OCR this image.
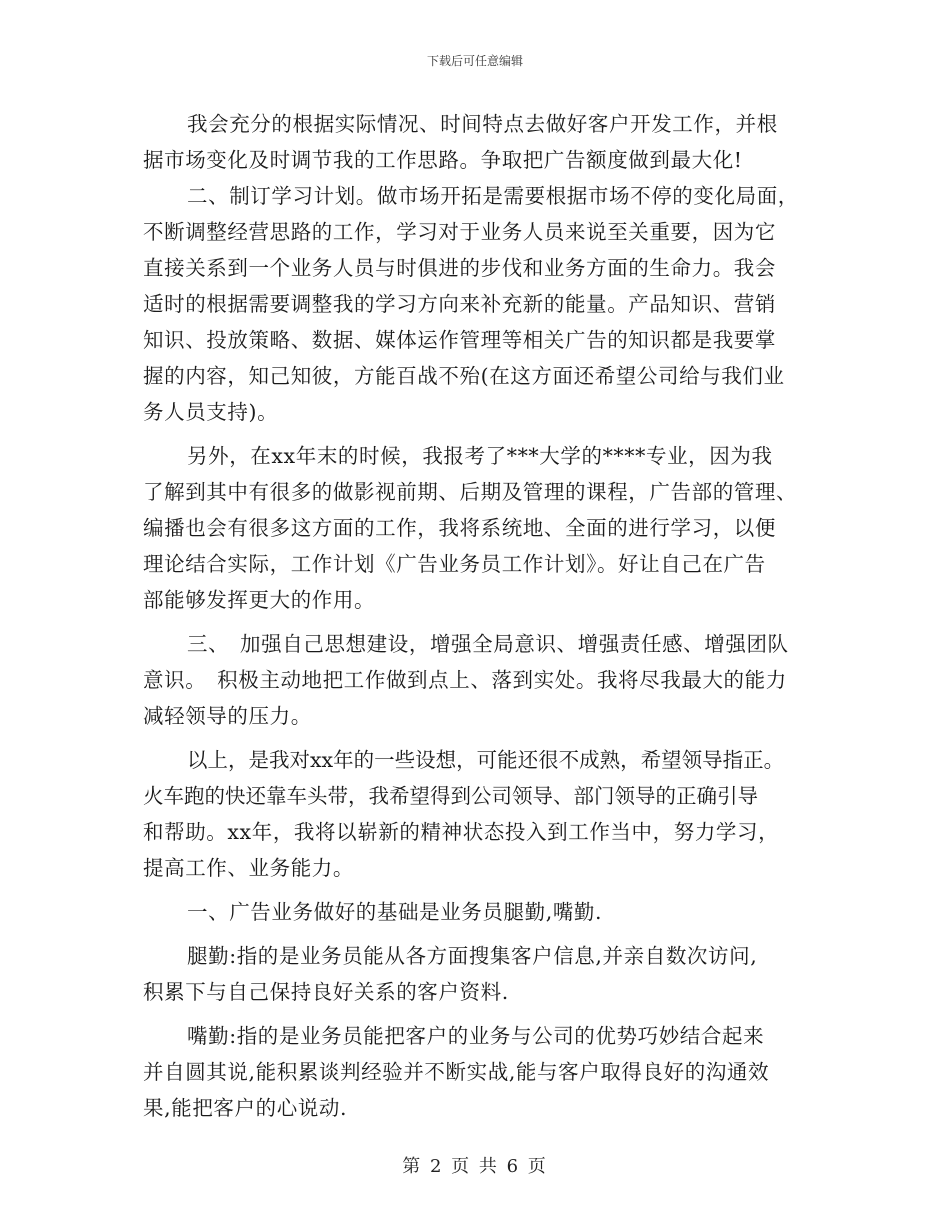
下载后可任意编辑
我会充分的根据实际情况、时间特点去做好客户开发工作，并根
据市场变化及时调节我的工作思路。争取把广告额度做到最大化!
二、制订学习计划。做市场开拓是需要根据市场不停的变化局面，
不断调整经营思路的工作，学习对于业务人员来说至关重要，因为它
直接关系到一个业务人员与时俱进的步伐和业务方面的生命力。我会
适时的根据需要调整我的学习方向来补充新的能量。产品知识、营销
知识、投放策略、数据、媒体运作管理等相关广告的知识都是我要掌
握的内容，知己知彼，方能百战不殆(在这方面还希望公司给与我们业
务人员支持)。
另外，在xx年末的时候，我报考了***大学的****专业，因为我
了解到其中有很多的做影视前期、后期及管理的课程，广告部的管理、
编播也会有很多这方面的工作，我将系统地、全面的进行学习，以便
理论结合实际，工作计划《广告业务员工作计划》。好让自己在广告
部能够发挥更大的作用。
三、　加强自己思想建设，增强全局意识、增强责任感、增强团队
意识。　积极主动地把工作做到点上、落到实处。我将尽我最大的能力
减轻领导的压力。
以上，是我对xx年的一些设想，可能还很不成熟，希望领导指正。
火车跑的快还靠车头带，我希望得到公司领导、部门领导的正确引导
和帮助。xx年，我将以崭新的精神状态投入到工作当中，努力学习，
提高工作、业务能力。
一、广告业务做好的基础是业务员腿勤,嘴勤.
腿勤:指的是业务员能从各方面搜集客户信息,并亲自数次访问,
积累下与自己保持良好关系的客户资料.
嘴勤:指的是业务员能把客户的业务与公司的优势巧妙结合起来
并自圆其说,能积累谈判经验并不断实战,能与客户取得良好的沟通效
果,能把客户的心说动.
第 2 页 共 6 页
